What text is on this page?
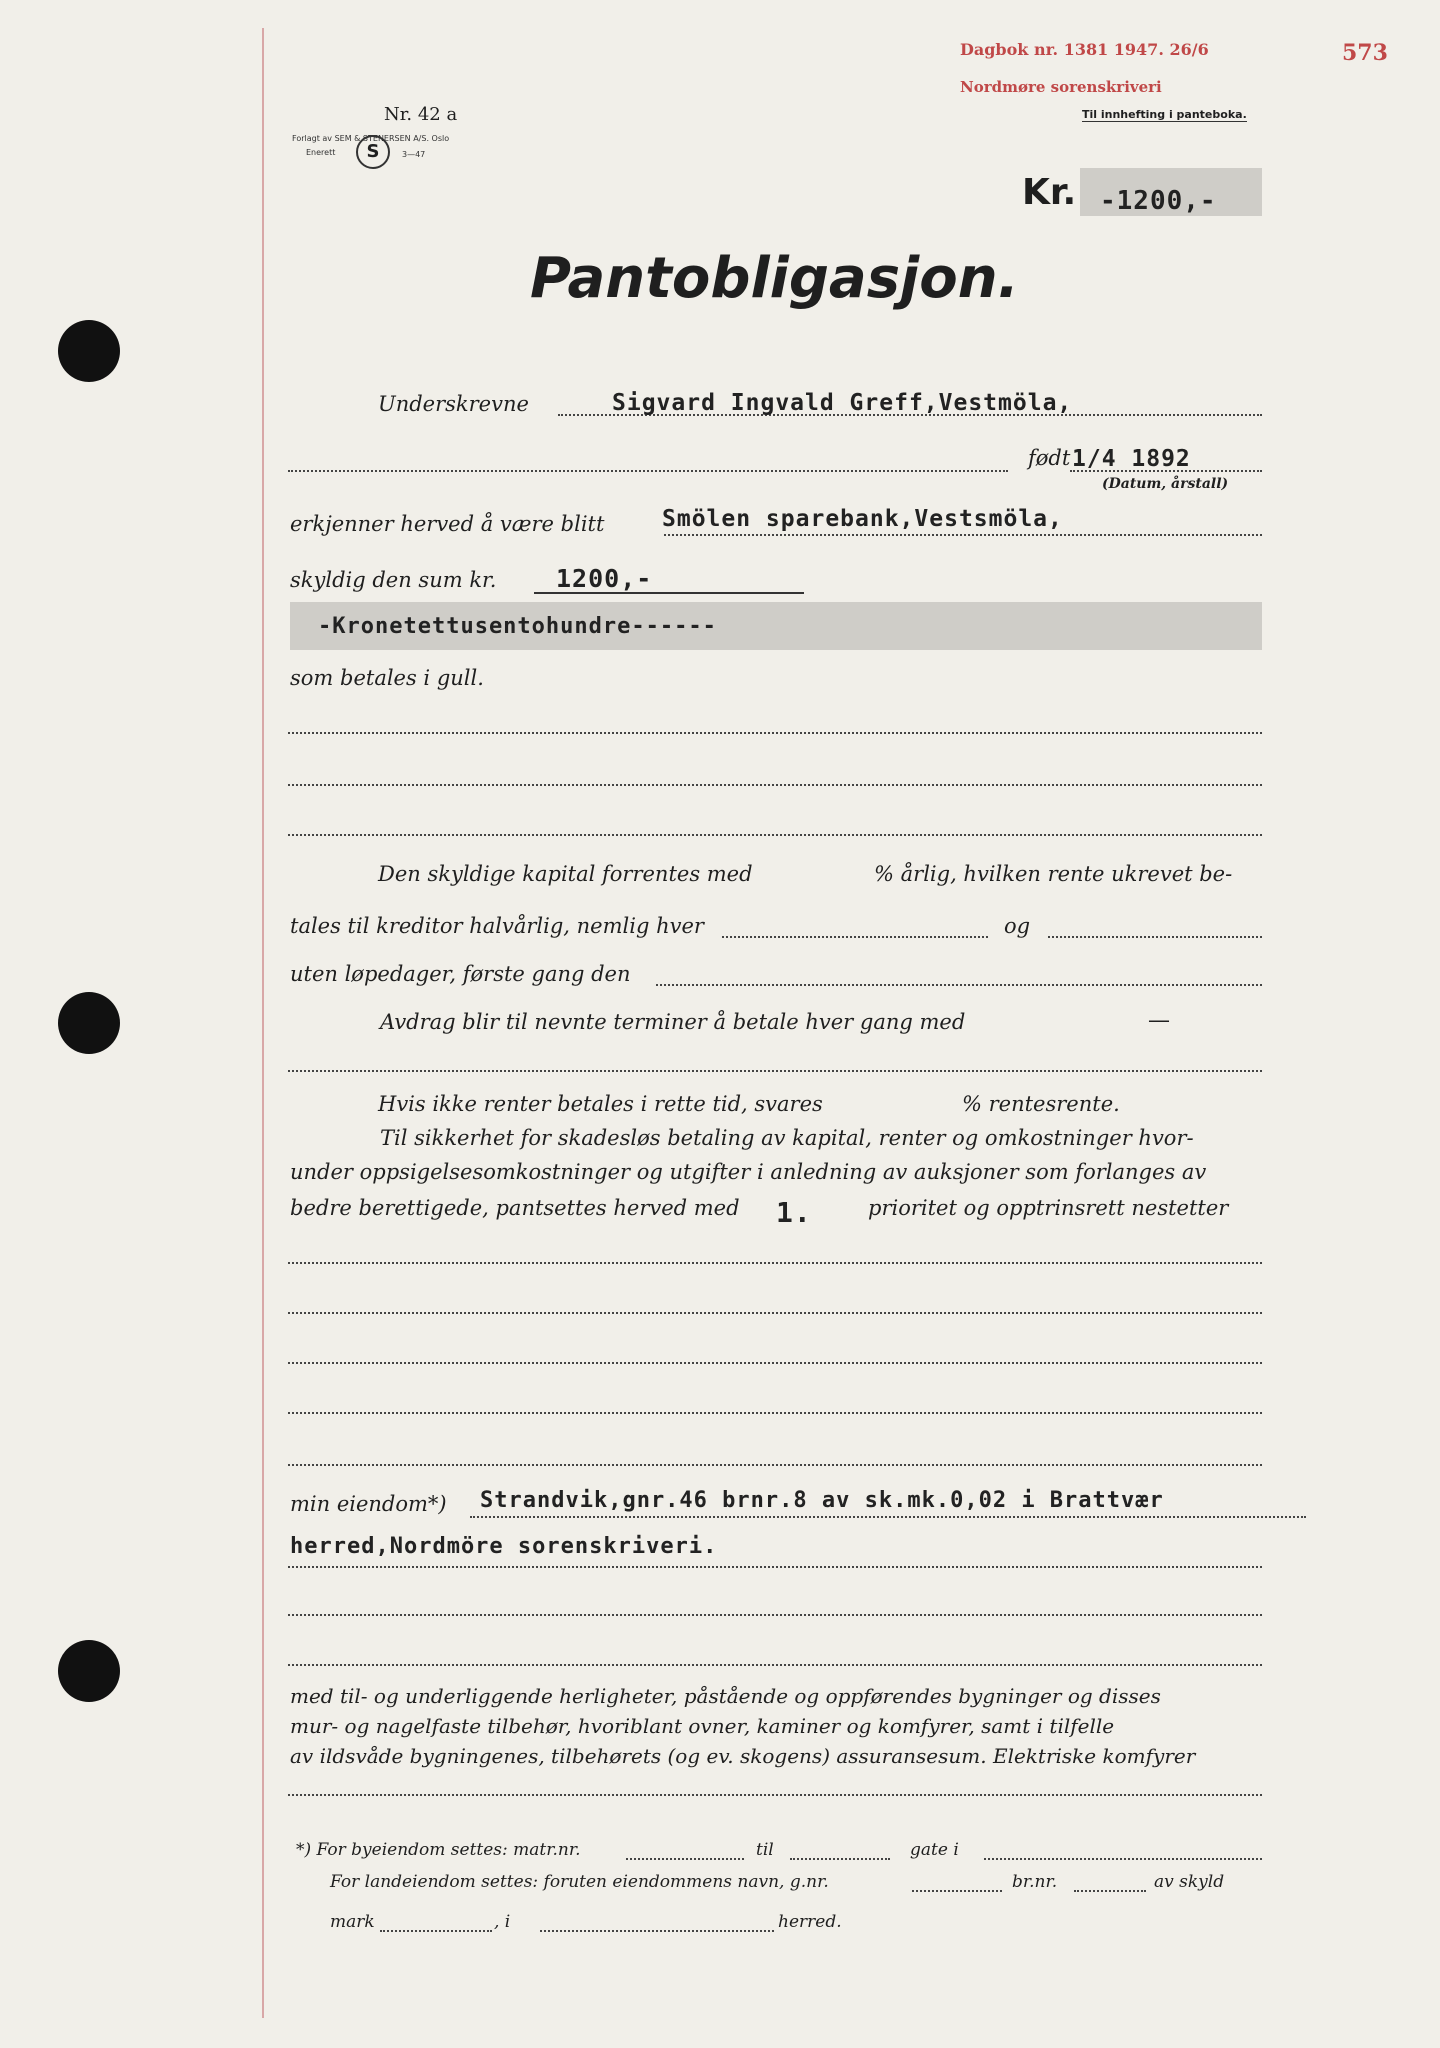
Dagbok nr. 1381 1947. 26/6	573
Nordmøre sorenskriveri
Til innhefting i panteboka.
Nr. 42 a
Forlagt av SEM & STENERSEN A/S. Oslo
Enerett	S	3—47
Kr. -1200,-
Pantobligasjon.
Underskrevne	Sigvard Ingvald Greff,Vestmöla,
født 1/4 1892
(Datum, årstall)
erkjenner herved å være blitt	Smölen sparebank,Vestsmöla,
skyldig den sum kr. 1200,-
-Kronetettusentohundre------
som betales i gull.
Den skyldige kapital forrentes med	% årlig, hvilken rente ukrevet be-
tales til kreditor halvårlig, nemlig hver	og
uten løpedager, første gang den
Avdrag blir til nevnte terminer å betale hver gang med	—
Hvis ikke renter betales i rette tid, svares	% rentesrente.
Til sikkerhet for skadesløs betaling av kapital, renter og omkostninger hvor-
under oppsigelsesomkostninger og utgifter i anledning av auksjoner som forlanges av
bedre berettigede, pantsettes herved med 1.	prioritet og opptrinsrett nestetter
min eiendom*) Strandvik,gnr.46 brnr.8 av sk.mk.0,02 i Brattvær
herred,Nordmöre sorenskriveri.
med til- og underliggende herligheter, påstående og oppførendes bygninger og disses
mur- og nagelfaste tilbehør, hvoriblant ovner, kaminer og komfyrer, samt i tilfelle
av ildsvåde bygningenes, tilbehørets (og ev. skogens) assuransesum. Elektriske komfyrer
*) For byeiendom settes: matr.nr.	til	gate i
For landeiendom settes: foruten eiendommens navn, g.nr.	br.nr.	av skyld
mark	, i	herred.
